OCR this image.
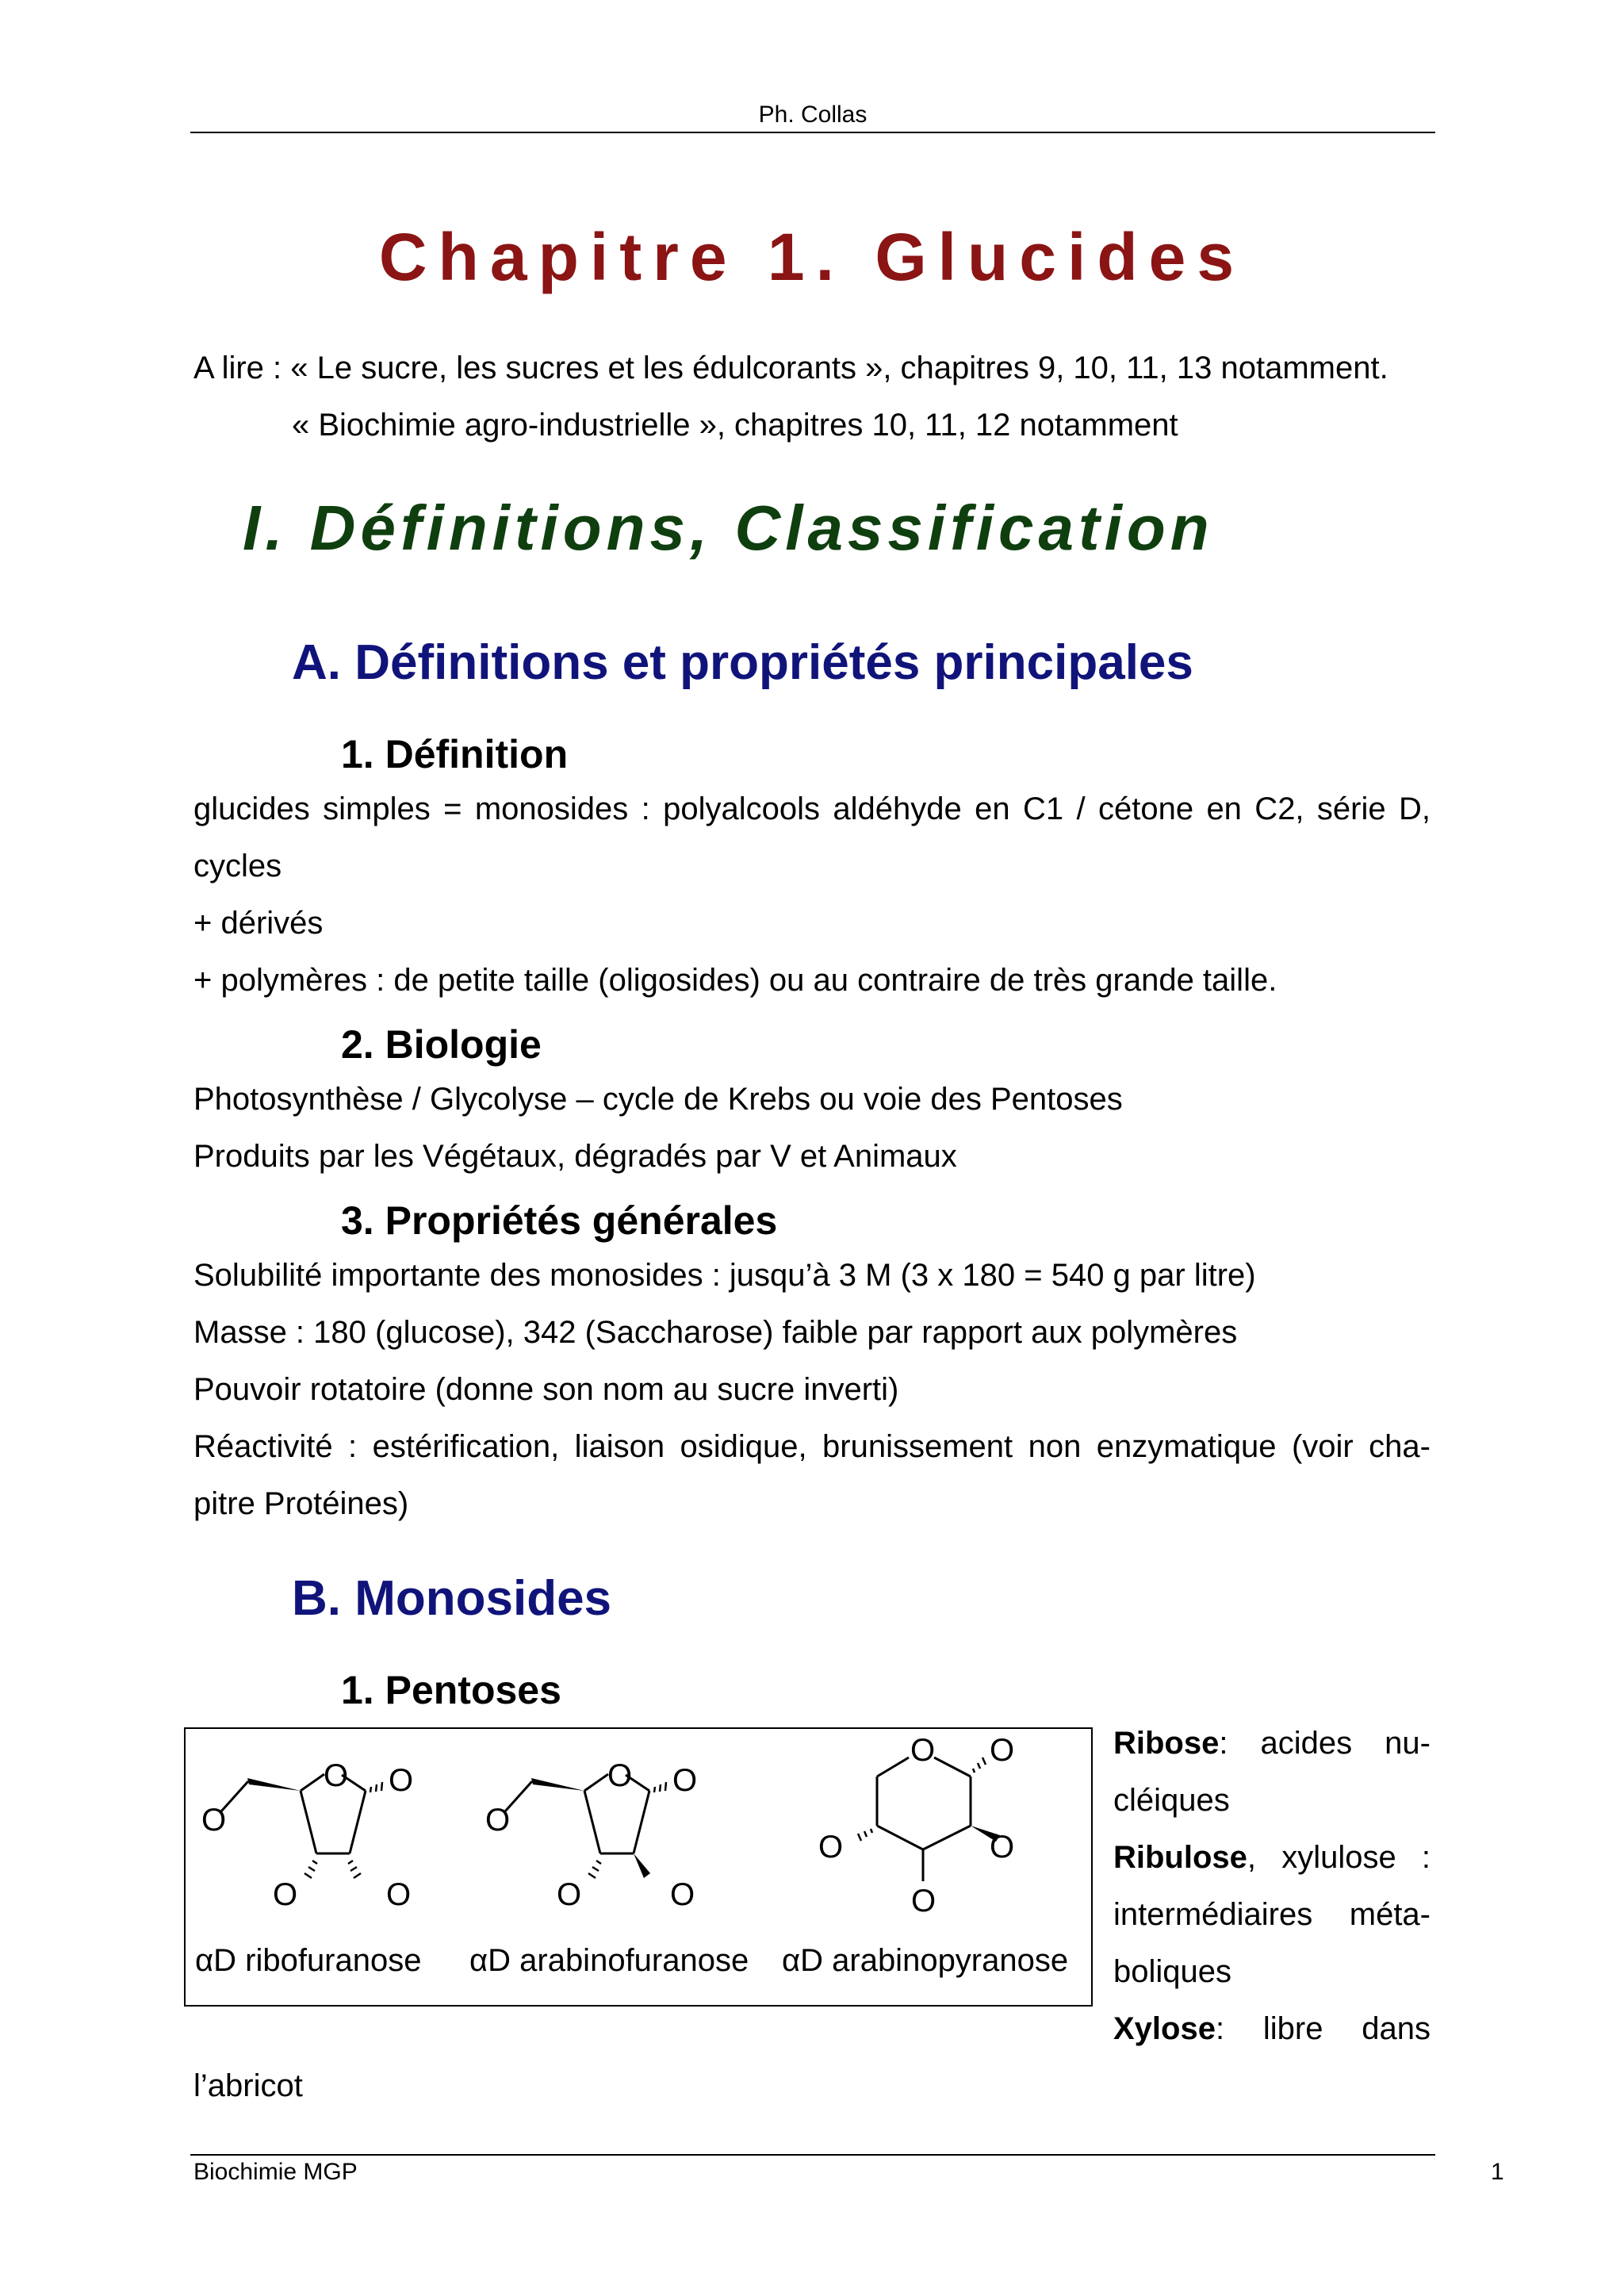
Ph. Collas
Chapitre 1. Glucides
A lire : « Le sucre, les sucres et les édulcorants », chapitres 9, 10, 11, 13 notamment.
« Biochimie agro-industrielle », chapitres 10, 11, 12 notamment
I. Définitions, Classification
A. Définitions et propriétés principales
1. Définition
glucides simples = monosides : polyalcools aldéhyde en C1 / cétone en C2, série D,
cycles
+ dérivés
+ polymères : de petite taille (oligosides) ou au contraire de très grande taille.
2. Biologie
Photosynthèse / Glycolyse – cycle de Krebs ou voie des Pentoses
Produits par les Végétaux, dégradés par V et Animaux
3. Propriétés générales
Solubilité importante des monosides : jusqu’à 3 M (3 x 180 = 540 g par litre)
Masse : 180 (glucose), 342 (Saccharose) faible par rapport aux polymères
Pouvoir rotatoire (donne son nom au sucre inverti)
Réactivité : estérification, liaison osidique, brunissement non enzymatique (voir cha-
pitre Protéines)
B. Monosides
1. Pentoses
O O
O
O	O
O O
O
O	O
O O
O
O
O
αD ribofuranose αD arabinofuranose αD arabinopyranose
Ribose: acides nu-
cléiques
Ribulose, xylulose :
intermédiaires méta-
boliques
Xylose: libre dans
l’abricot
Biochimie MGP	1
